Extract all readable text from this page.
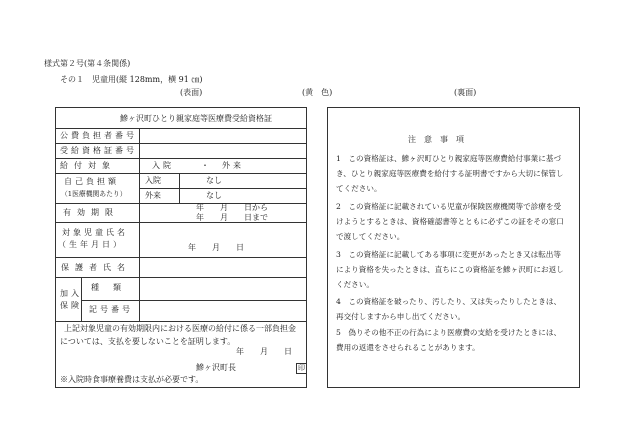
様式第２号(第４条関係)
その１　児童用(縦 128mm，横 91 ㎝)
(表面)	(黄　色)	(裏面)
鰺ヶ沢町ひとり親家庭等医療費受給資格証
公費負担者番号
受給資格証番号
給付対象	入院	・ 外来
自己負担額
（1医療機関あたり）
入院	なし
外来	なし
有効期限
年　　月　　日から
年　　月　　日まで
対象児童氏名
（生年月日）	年　　月　　日
保護者氏名
加入
保険
種類
記号番号
上記対象児童の有効期限内における医療の給付に係る一部負担金
については、支払を要しないことを証明します。
年　　月　　日
鰺ヶ沢町長	印
※入院時食事療養費は支払が必要です。
注　意　事　項
1　この資格証は、鰺ヶ沢町ひとり親家庭等医療費給付事業に基づき、ひとり親家庭等医療費を給付する証明書ですから大切に保管してください。
2　この資格証に記載されている児童が保険医療機関等で診療を受けようとするときは、資格確認書等とともに必ずこの証をその窓口で渡してください。
3　この資格証に記載してある事項に変更があったとき又は転出等により資格を失ったときは、直ちにこの資格証を鰺ヶ沢町にお返しください。
4　この資格証を破ったり、汚したり、又は失ったりしたときは、再交付しますから申し出てください。
5　偽りその他不正の行為により医療費の支給を受けたときには、費用の返還をさせられることがあります。
